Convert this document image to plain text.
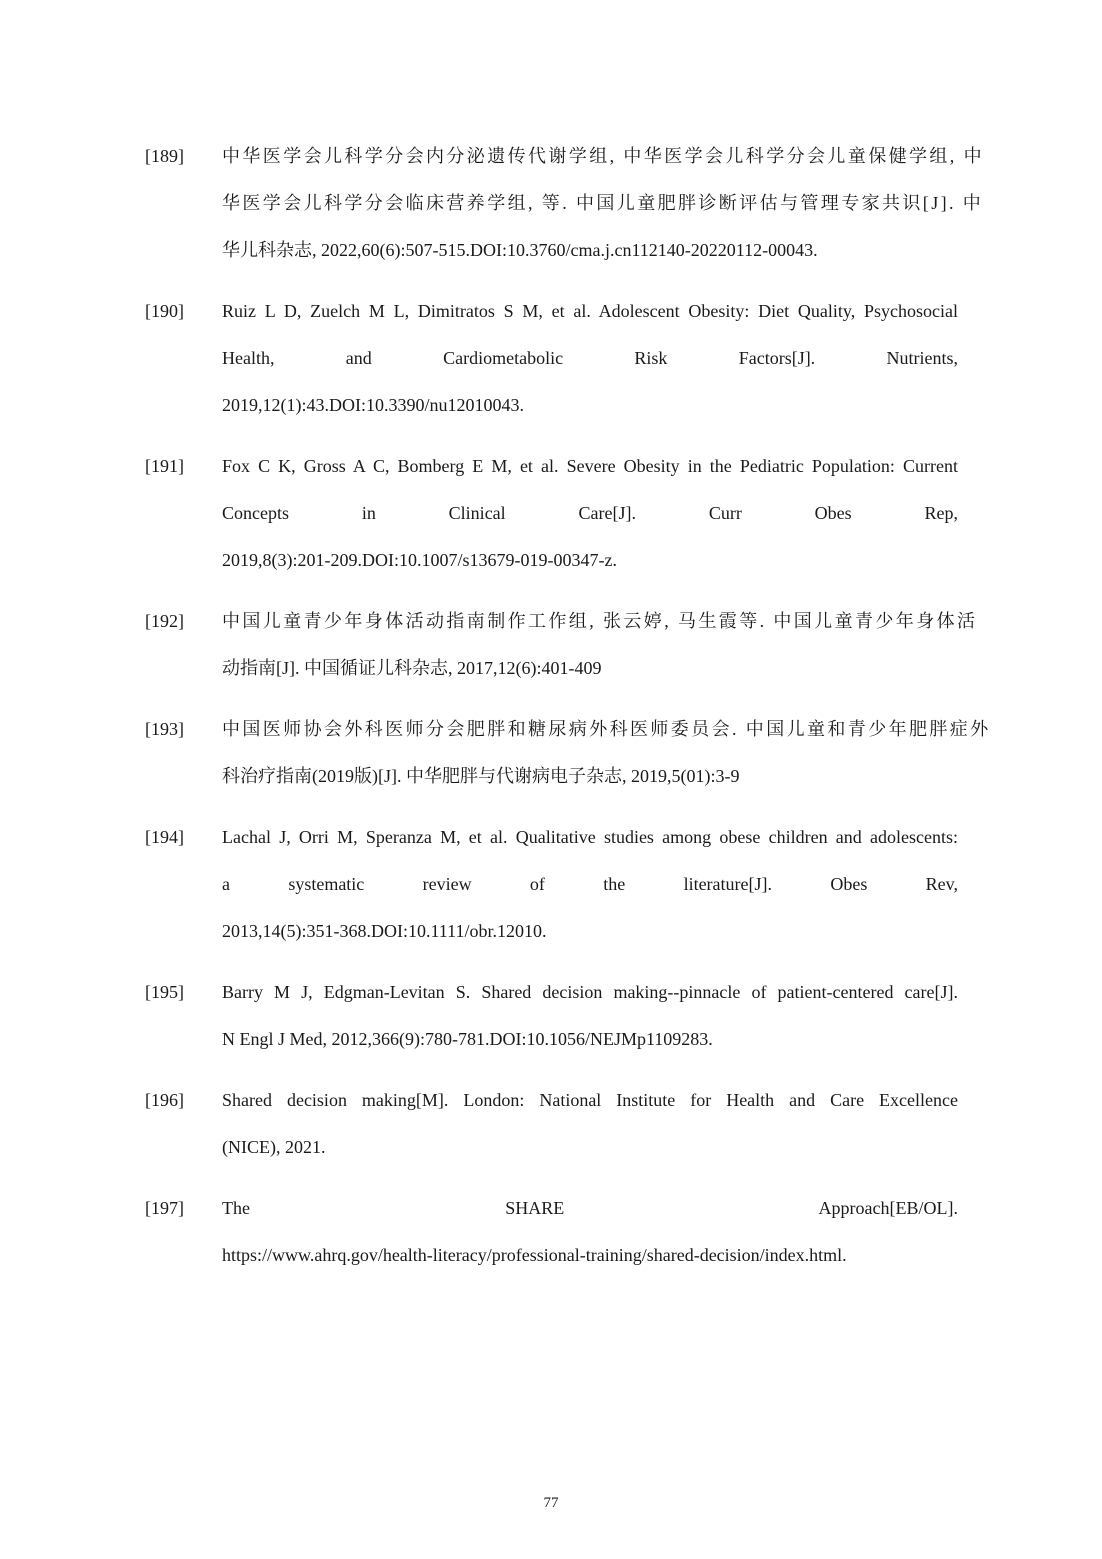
[189] 中华医学会儿科学分会内分泌遗传代谢学组, 中华医学会儿科学分会儿童保健学组, 中
华医学会儿科学分会临床营养学组, 等. 中国儿童肥胖诊断评估与管理专家共识[J]. 中
华儿科杂志, 2022,60(6):507-515.DOI:10.3760/cma.j.cn112140-20220112-00043.
[190] Ruiz L D, Zuelch M L, Dimitratos S M, et al. Adolescent Obesity: Diet Quality, Psychosocial
Health, and Cardiometabolic Risk Factors[J]. Nutrients,
2019,12(1):43.DOI:10.3390/nu12010043.
[191] Fox C K, Gross A C, Bomberg E M, et al. Severe Obesity in the Pediatric Population: Current
Concepts in Clinical Care[J]. Curr Obes Rep,
2019,8(3):201-209.DOI:10.1007/s13679-019-00347-z.
[192] 中国儿童青少年身体活动指南制作工作组, 张云婷, 马生霞等. 中国儿童青少年身体活
动指南[J]. 中国循证儿科杂志, 2017,12(6):401-409
[193] 中国医师协会外科医师分会肥胖和糖尿病外科医师委员会. 中国儿童和青少年肥胖症外
科治疗指南(2019版)[J]. 中华肥胖与代谢病电子杂志, 2019,5(01):3-9
[194] Lachal J, Orri M, Speranza M, et al. Qualitative studies among obese children and adolescents:
a systematic review of the literature[J]. Obes Rev,
2013,14(5):351-368.DOI:10.1111/obr.12010.
[195] Barry M J, Edgman-Levitan S. Shared decision making--pinnacle of patient-centered care[J].
N Engl J Med, 2012,366(9):780-781.DOI:10.1056/NEJMp1109283.
[196] Shared decision making[M]. London: National Institute for Health and Care Excellence
(NICE), 2021.
[197] The SHARE Approach[EB/OL].
https://www.ahrq.gov/health-literacy/professional-training/shared-decision/index.html.
77
